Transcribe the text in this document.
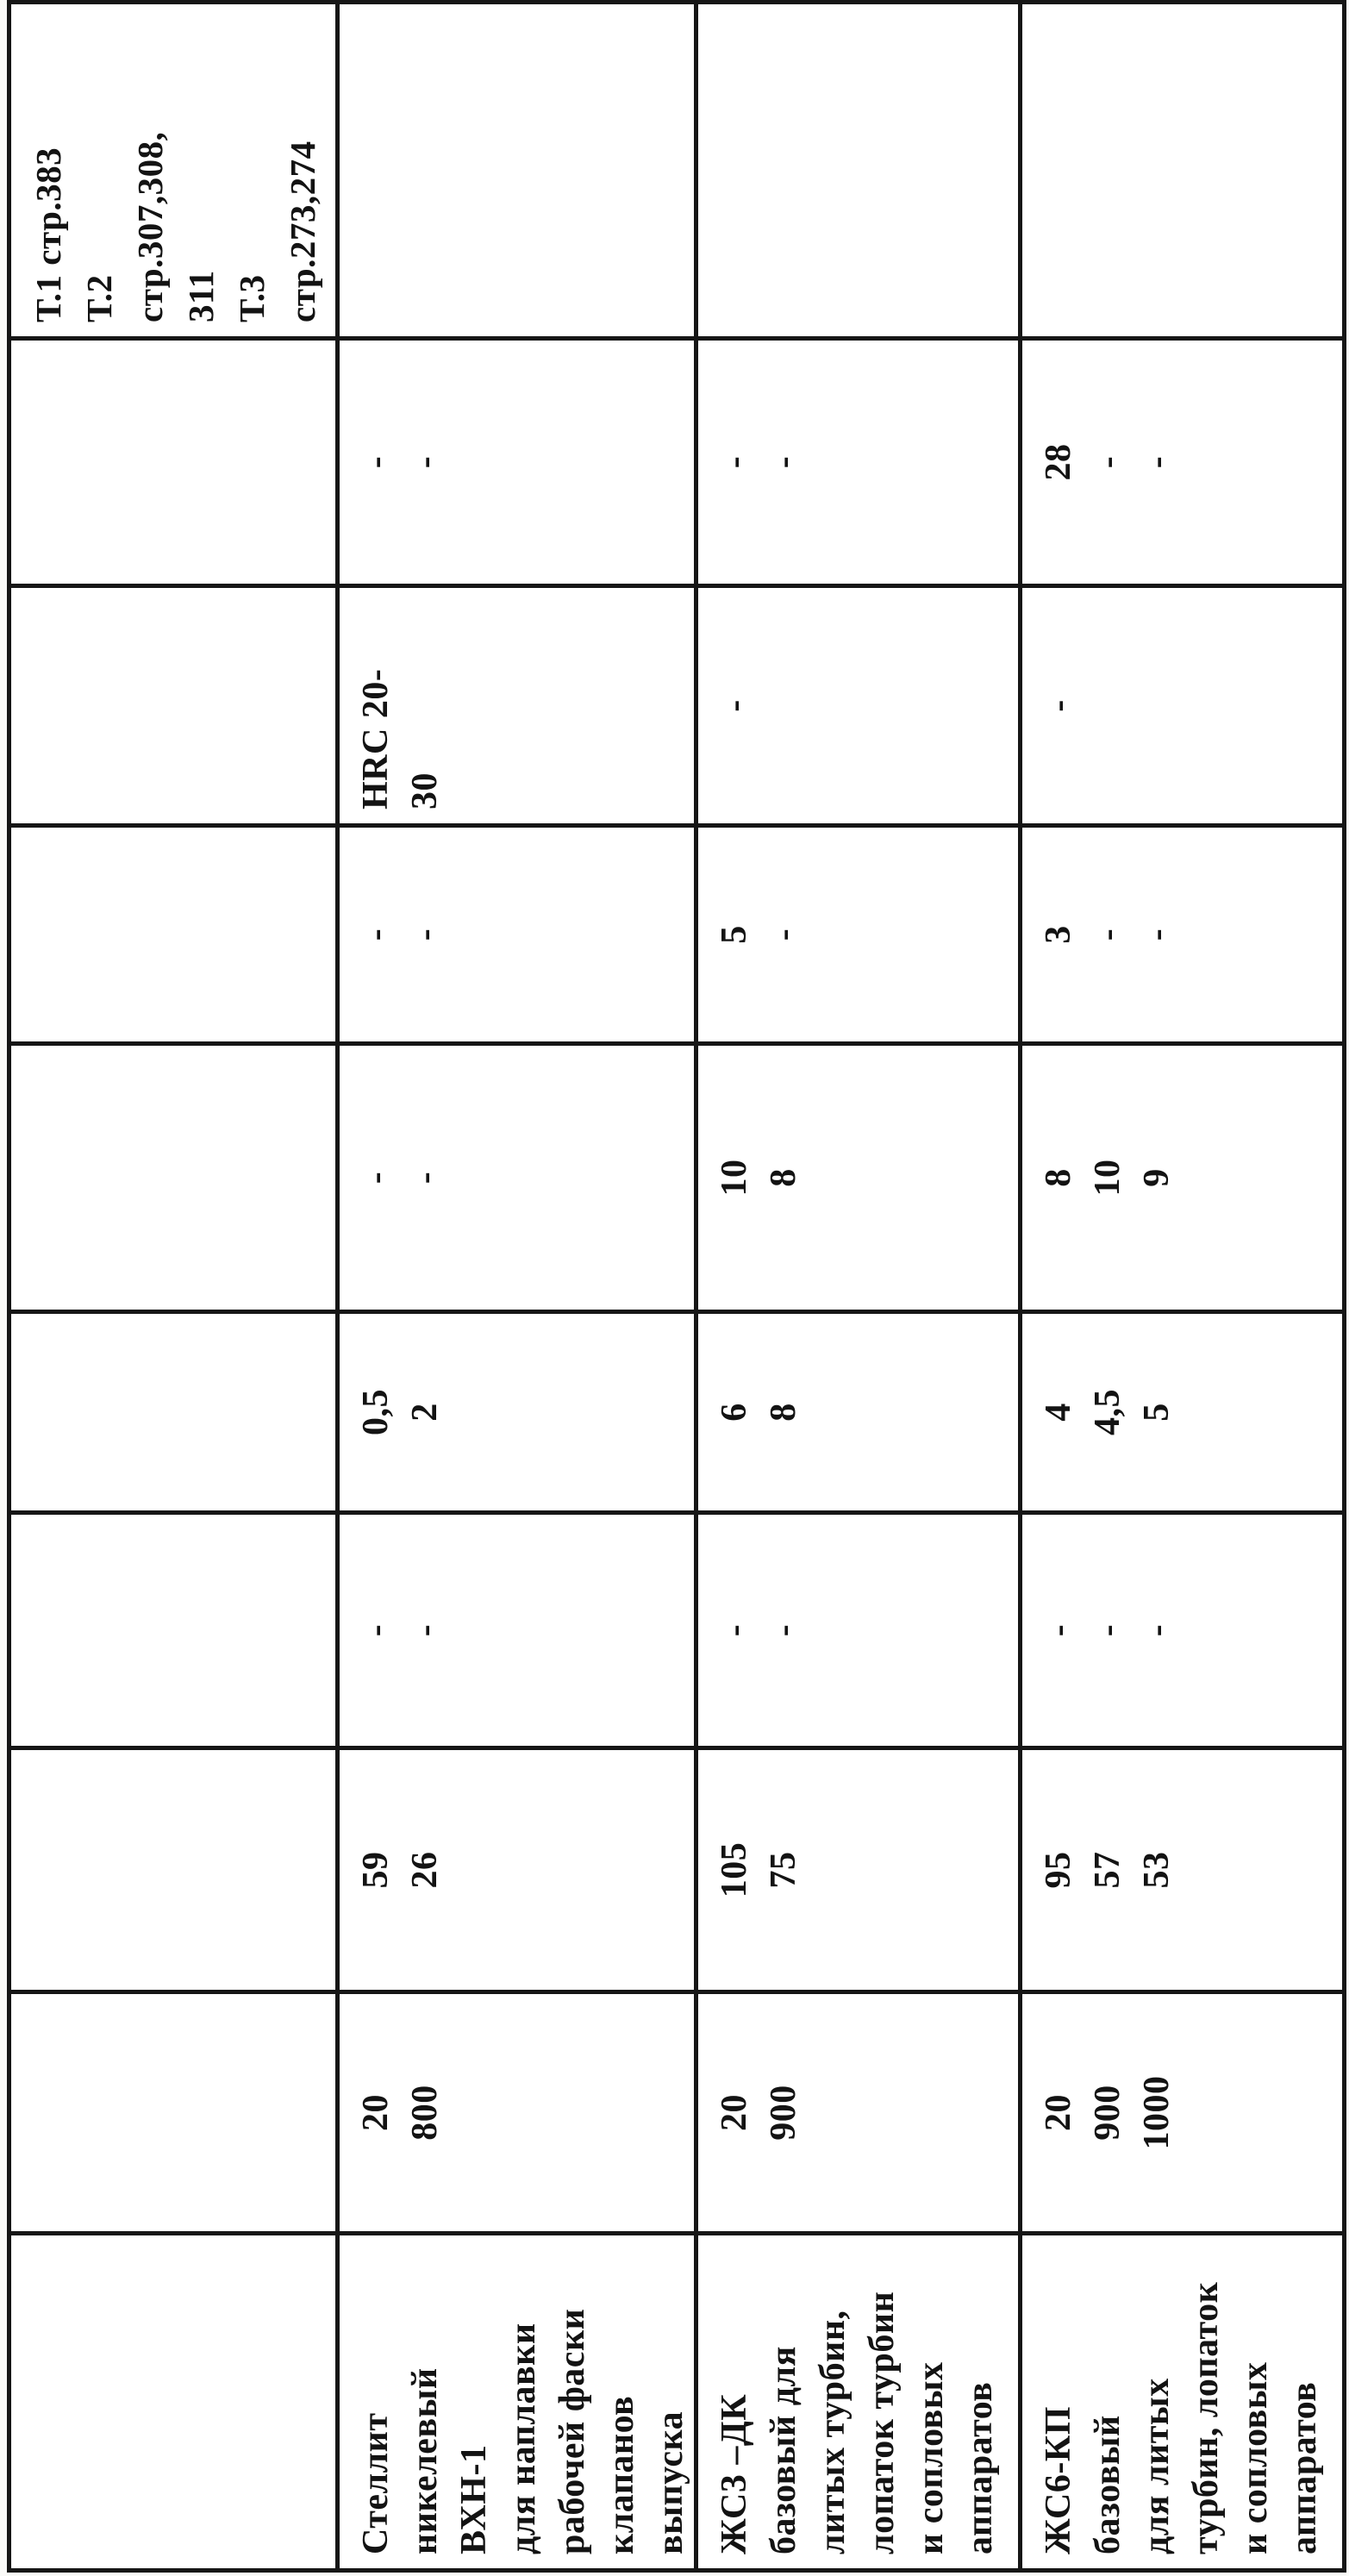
Т.1 стр.383
Т.2
стр.307,308,
311
Т.3
стр.273,274
Стеллит
никелевый
ВХН-1
для наплавки
рабочей фаски
клапанов
выпуска
20
800
59
26
-
-
0,5
2
-
-
-
-
HRC 20-
30
-
-
ЖС3 –ДК
базовый для
литых турбин,
лопаток турбин
и сопловых
аппаратов
20
900
105
75
-
-
6
8
10
8
5
-
-
-
-
ЖС6-КП
базовый
для литых
турбин, лопаток
и сопловых
аппаратов
20
900
1000
95
57
53
-
-
-
4
4,5
5
8
10
9
3
-
-
-
28
-
-
